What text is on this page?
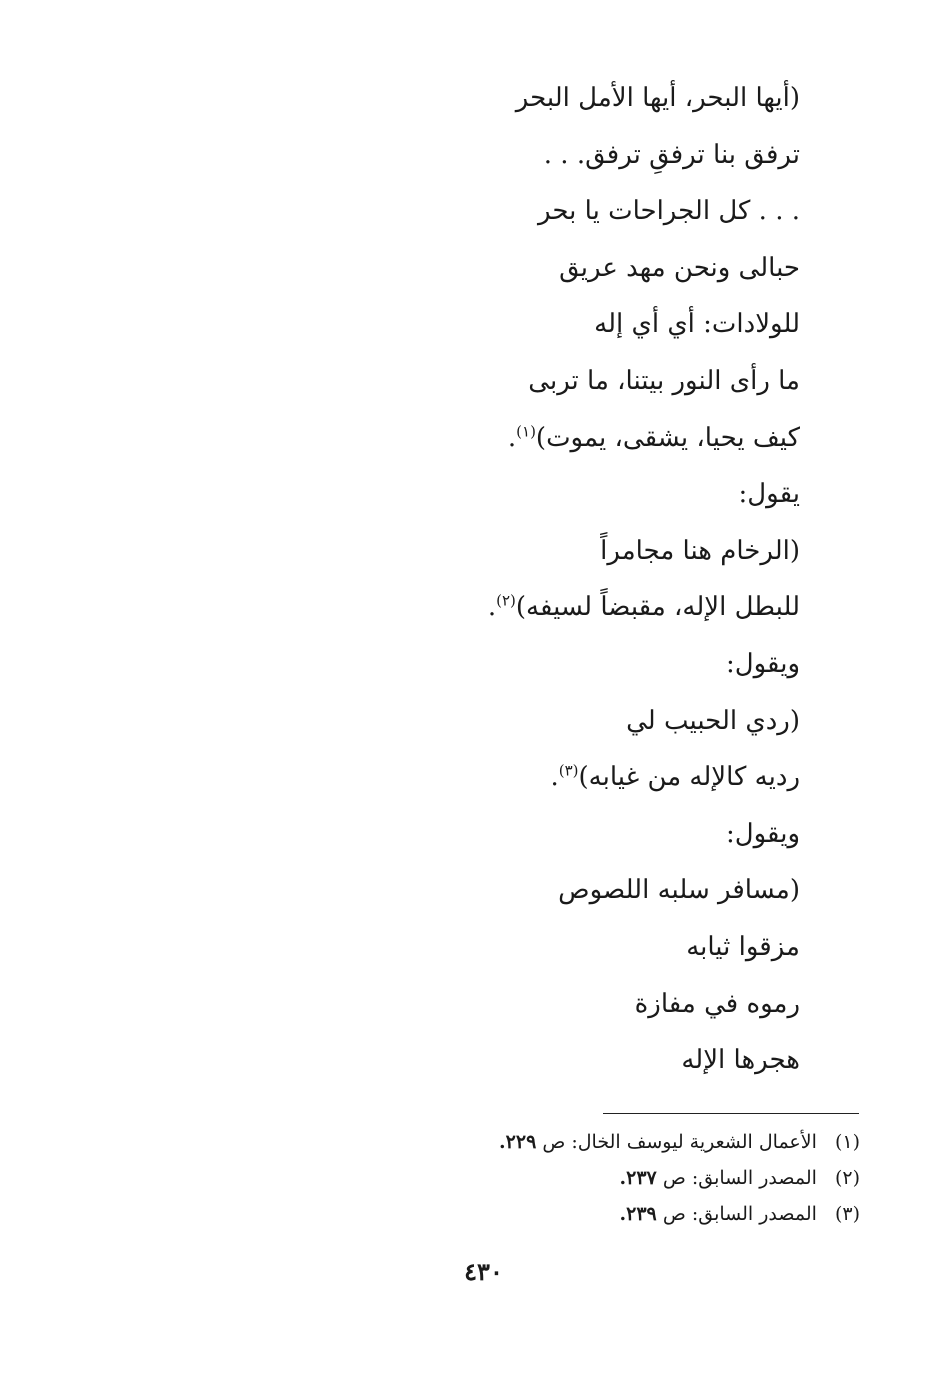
(أيها البحر، أيها الأمل البحر
ترفق بنا ترفقِ ترفق. . .
. . . كل الجراحات يا بحر
حبالى ونحن مهد عريق
للولادات: أي أي إله
ما رأى النور بيتنا، ما تربى
كيف يحيا، يشقى، يموت)$^{(١)}$.
يقول:
(الرخام هنا مجامراً
للبطل الإله، مقبضاً لسيفه)$^{(٢)}$.
ويقول:
(ردي الحبيب لي
رديه كالإله من غيابه)$^{(٣)}$.
ويقول:
(مسافر سلبه اللصوص
مزقوا ثيابه
رموه في مفازة
هجرها الإله
(١) الأعمال الشعرية ليوسف الخال: ص ٢٢٩.
(٢) المصدر السابق: ص ٢٣٧.
(٣) المصدر السابق: ص ٢٣٩.
٤٣٠
